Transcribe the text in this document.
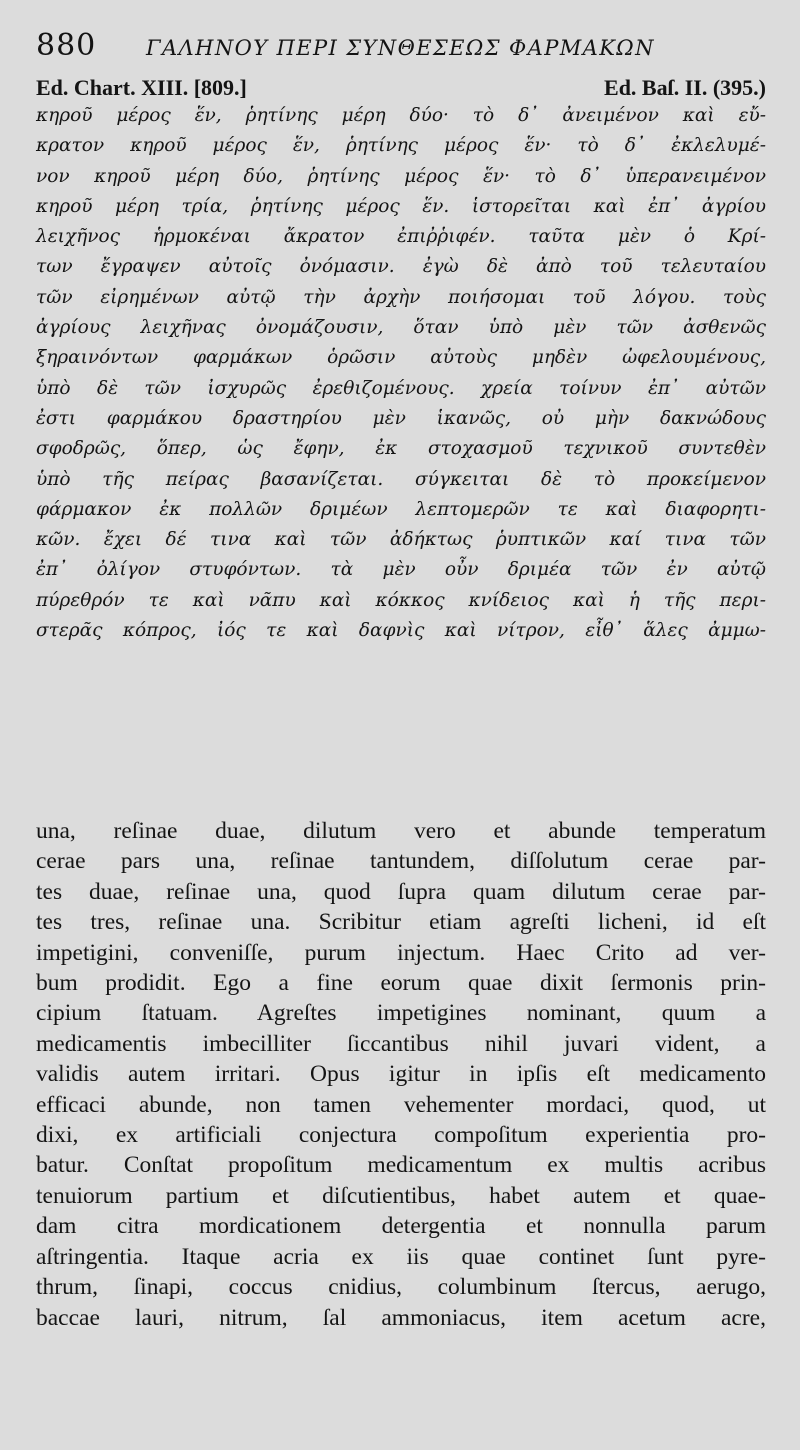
880	ΓΑΛΗΝΟΥ ΠΕΡΙ ΣΥΝΘΕΣΕΩΣ ΦΑΡΜΑΚΩΝ
Ed. Chart. XIII. [809.]	Ed. Baſ. II. (395.)
κηροῦ μέρος ἕν, ῥητίνης μέρη δύο· τὸ δ᾽ ἀνειμένον καὶ εὔ-
κρατον κηροῦ μέρος ἕν, ῥητίνης μέρος ἕν· τὸ δ᾽ ἐκλελυμέ-
νον κηροῦ μέρη δύο, ῥητίνης μέρος ἕν· τὸ δ᾽ ὑπερανειμένον
κηροῦ μέρη τρία, ῥητίνης μέρος ἕν. ἱστορεῖται καὶ ἐπ᾽ ἀγρίου
λειχῆνος ἡρμοκέναι ἄκρατον ἐπιῤῥιφέν. ταῦτα μὲν ὁ Κρί-
των ἔγραψεν αὐτοῖς ὀνόμασιν. ἐγὼ δὲ ἀπὸ τοῦ τελευταίου
τῶν εἰρημένων αὐτῷ τὴν ἀρχὴν ποιήσομαι τοῦ λόγου. τοὺς
ἀγρίους λειχῆνας ὀνομάζουσιν, ὅταν ὑπὸ μὲν τῶν ἀσθενῶς
ξηραινόντων φαρμάκων ὁρῶσιν αὐτοὺς μηδὲν ὠφελουμένους,
ὑπὸ δὲ τῶν ἰσχυρῶς ἐρεθιζομένους. χρεία τοίνυν ἐπ᾽ αὐτῶν
ἐστι φαρμάκου δραστηρίου μὲν ἱκανῶς, οὐ μὴν δακνώδους
σφοδρῶς, ὅπερ, ὡς ἔφην, ἐκ στοχασμοῦ τεχνικοῦ συντεθὲν
ὑπὸ τῆς πείρας βασανίζεται. σύγκειται δὲ τὸ προκείμενον
φάρμακον ἐκ πολλῶν δριμέων λεπτομερῶν τε καὶ διαφορητι-
κῶν. ἔχει δέ τινα καὶ τῶν ἀδήκτως ῥυπτικῶν καί τινα τῶν
ἐπ᾽ ὀλίγον στυφόντων. τὰ μὲν οὖν δριμέα τῶν ἐν αὐτῷ
πύρεθρόν τε καὶ νᾶπυ καὶ κόκκος κνίδειος καὶ ἡ τῆς περι-
στερᾶς κόπρος, ἰός τε καὶ δαφνὶς καὶ νίτρον, εἶθ᾽ ἅλες ἀμμω-
una, reſinae duae, dilutum vero et abunde temperatum
cerae pars una, reſinae tantundem, diſſolutum cerae par-
tes duae, reſinae una, quod ſupra quam dilutum cerae par-
tes tres, reſinae una. Scribitur etiam agreſti licheni, id eſt
impetigini, conveniſſe, purum injectum. Haec Crito ad ver-
bum prodidit. Ego a fine eorum quae dixit ſermonis prin-
cipium ſtatuam. Agreſtes impetigines nominant, quum a
medicamentis imbecilliter ſiccantibus nihil juvari vident, a
validis autem irritari. Opus igitur in ipſis eſt medicamento
efficaci abunde, non tamen vehementer mordaci, quod, ut
dixi, ex artificiali conjectura compoſitum experientia pro-
batur. Conſtat propoſitum medicamentum ex multis acribus
tenuiorum partium et diſcutientibus, habet autem et quae-
dam citra mordicationem detergentia et nonnulla parum
aſtringentia. Itaque acria ex iis quae continet ſunt pyre-
thrum, ſinapi, coccus cnidius, columbinum ſtercus, aerugo,
baccae lauri, nitrum, ſal ammoniacus, item acetum acre,
